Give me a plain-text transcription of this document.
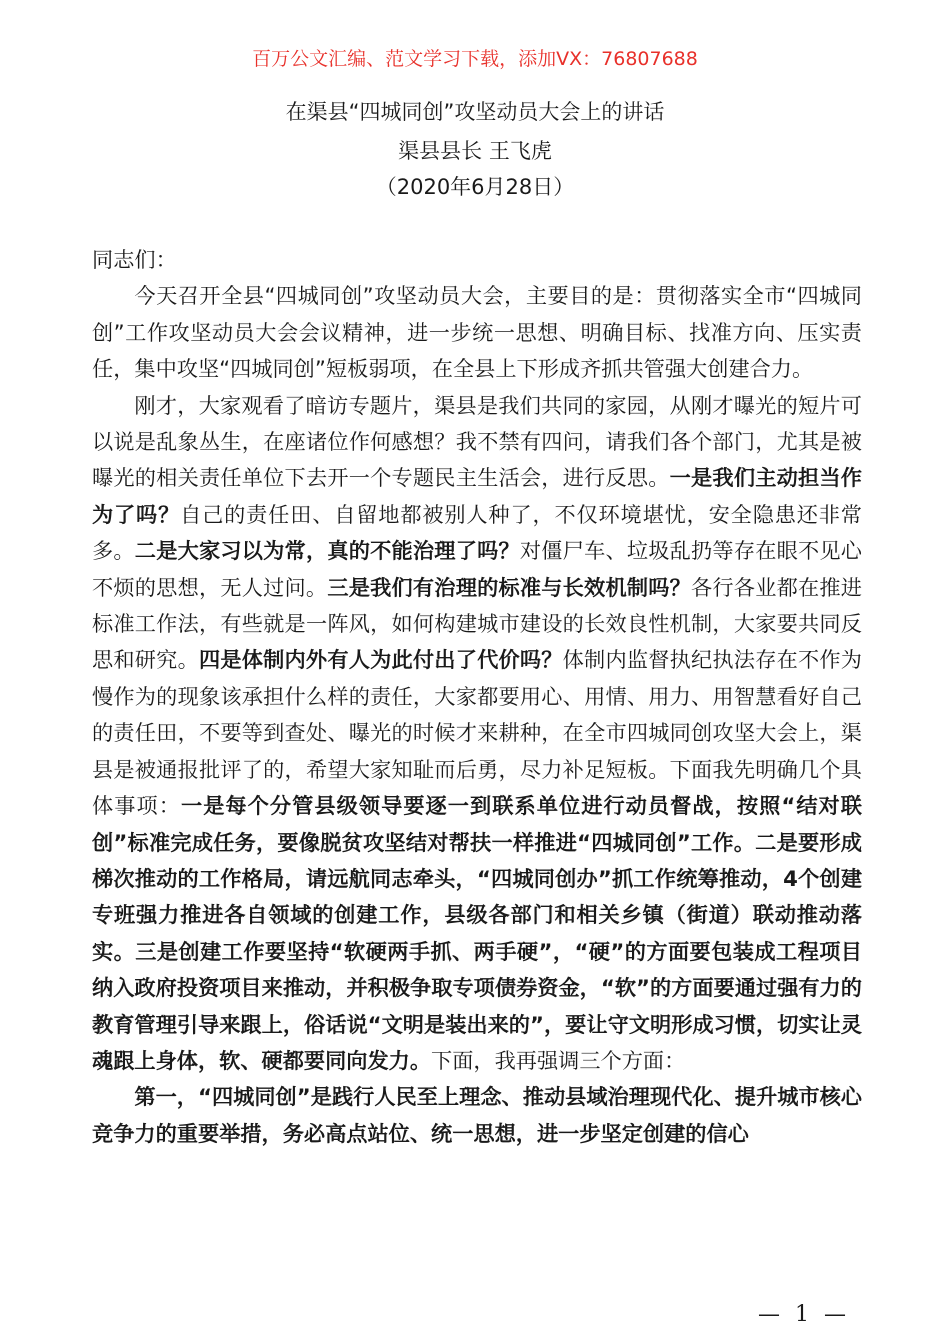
百万公文汇编、范文学习下载，添加VX：76807688
在渠县“四城同创”攻坚动员大会上的讲话
渠县县长 王飞虎
（2020年6月28日）

同志们：

今天召开全县“四城同创”攻坚动员大会，主要目的是：贯彻落实全市“四城同创”工作攻坚动员大会会议精神，进一步统一思想、明确目标、找准方向、压实责任，集中攻坚“四城同创”短板弱项，在全县上下形成齐抓共管强大创建合力。

刚才，大家观看了暗访专题片，渠县是我们共同的家园，从刚才曝光的短片可以说是乱象丛生，在座诸位作何感想？我不禁有四问，请我们各个部门，尤其是被曝光的相关责任单位下去开一个专题民主生活会，进行反思。一是我们主动担当作为了吗？自己的责任田、自留地都被别人种了，不仅环境堪忧，安全隐患还非常多。二是大家习以为常，真的不能治理了吗？对僵尸车、垃圾乱扔等存在眼不见心不烦的思想，无人过问。三是我们有治理的标准与长效机制吗？各行各业都在推进标准工作法，有些就是一阵风，如何构建城市建设的长效良性机制，大家要共同反思和研究。四是体制内外有人为此付出了代价吗？体制内监督执纪执法存在不作为慢作为的现象该承担什么样的责任，大家都要用心、用情、用力、用智慧看好自己的责任田，不要等到查处、曝光的时候才来耕种，在全市四城同创攻坚大会上，渠县是被通报批评了的，希望大家知耻而后勇，尽力补足短板。下面我先明确几个具体事项：一是每个分管县级领导要逐一到联系单位进行动员督战，按照“结对联创”标准完成任务，要像脱贫攻坚结对帮扶一样推进“四城同创”工作。二是要形成梯次推动的工作格局，请远航同志牵头，“四城同创办”抓工作统筹推动，4个创建专班强力推进各自领域的创建工作，县级各部门和相关乡镇（街道）联动推动落实。三是创建工作要坚持“软硬两手抓、两手硬”，“硬”的方面要包装成工程项目纳入政府投资项目来推动，并积极争取专项债券资金，“软”的方面要通过强有力的教育管理引导来跟上，俗话说“文明是装出来的”，要让守文明形成习惯，切实让灵魂跟上身体，软、硬都要同向发力。下面，我再强调三个方面：

第一，“四城同创”是践行人民至上理念、推动县域治理现代化、提升城市核心竞争力的重要举措，务必高点站位、统一思想，进一步坚定创建的信心

— 1 —
